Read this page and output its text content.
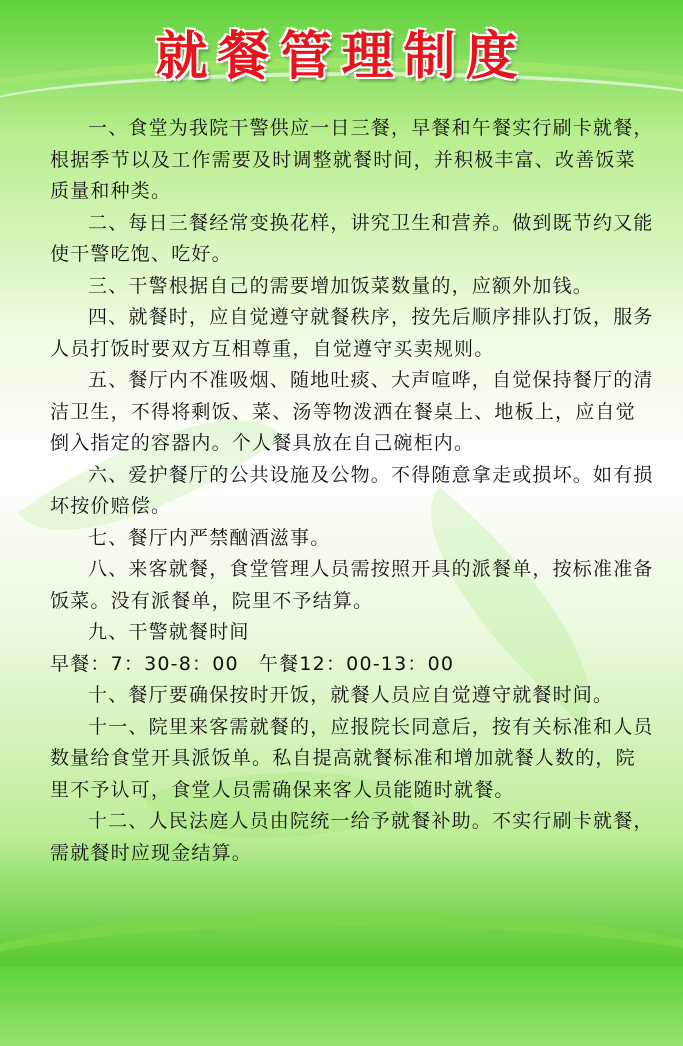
就餐管理制度

一、食堂为我院干警供应一日三餐，早餐和午餐实行刷卡就餐，根据季节以及工作需要及时调整就餐时间，并积极丰富、改善饭菜质量和种类。

二、每日三餐经常变换花样，讲究卫生和营养。做到既节约又能使干警吃饱、吃好。

三、干警根据自己的需要增加饭菜数量的，应额外加钱。

四、就餐时，应自觉遵守就餐秩序，按先后顺序排队打饭，服务人员打饭时要双方互相尊重，自觉遵守买卖规则。

五、餐厅内不准吸烟、随地吐痰、大声喧哗，自觉保持餐厅的清洁卫生，不得将剩饭、菜、汤等物泼洒在餐桌上、地板上，应自觉倒入指定的容器内。个人餐具放在自己碗柜内。

六、爱护餐厅的公共设施及公物。不得随意拿走或损坏。如有损坏按价赔偿。

七、餐厅内严禁酗酒滋事。

八、来客就餐，食堂管理人员需按照开具的派餐单，按标准准备饭菜。没有派餐单，院里不予结算。

九、干警就餐时间

早餐：7：30-8：00　午餐12：00-13：00

十、餐厅要确保按时开饭，就餐人员应自觉遵守就餐时间。

十一、院里来客需就餐的，应报院长同意后，按有关标准和人员数量给食堂开具派饭单。私自提高就餐标准和增加就餐人数的，院里不予认可，食堂人员需确保来客人员能随时就餐。

十二、人民法庭人员由院统一给予就餐补助。不实行刷卡就餐，需就餐时应现金结算。
